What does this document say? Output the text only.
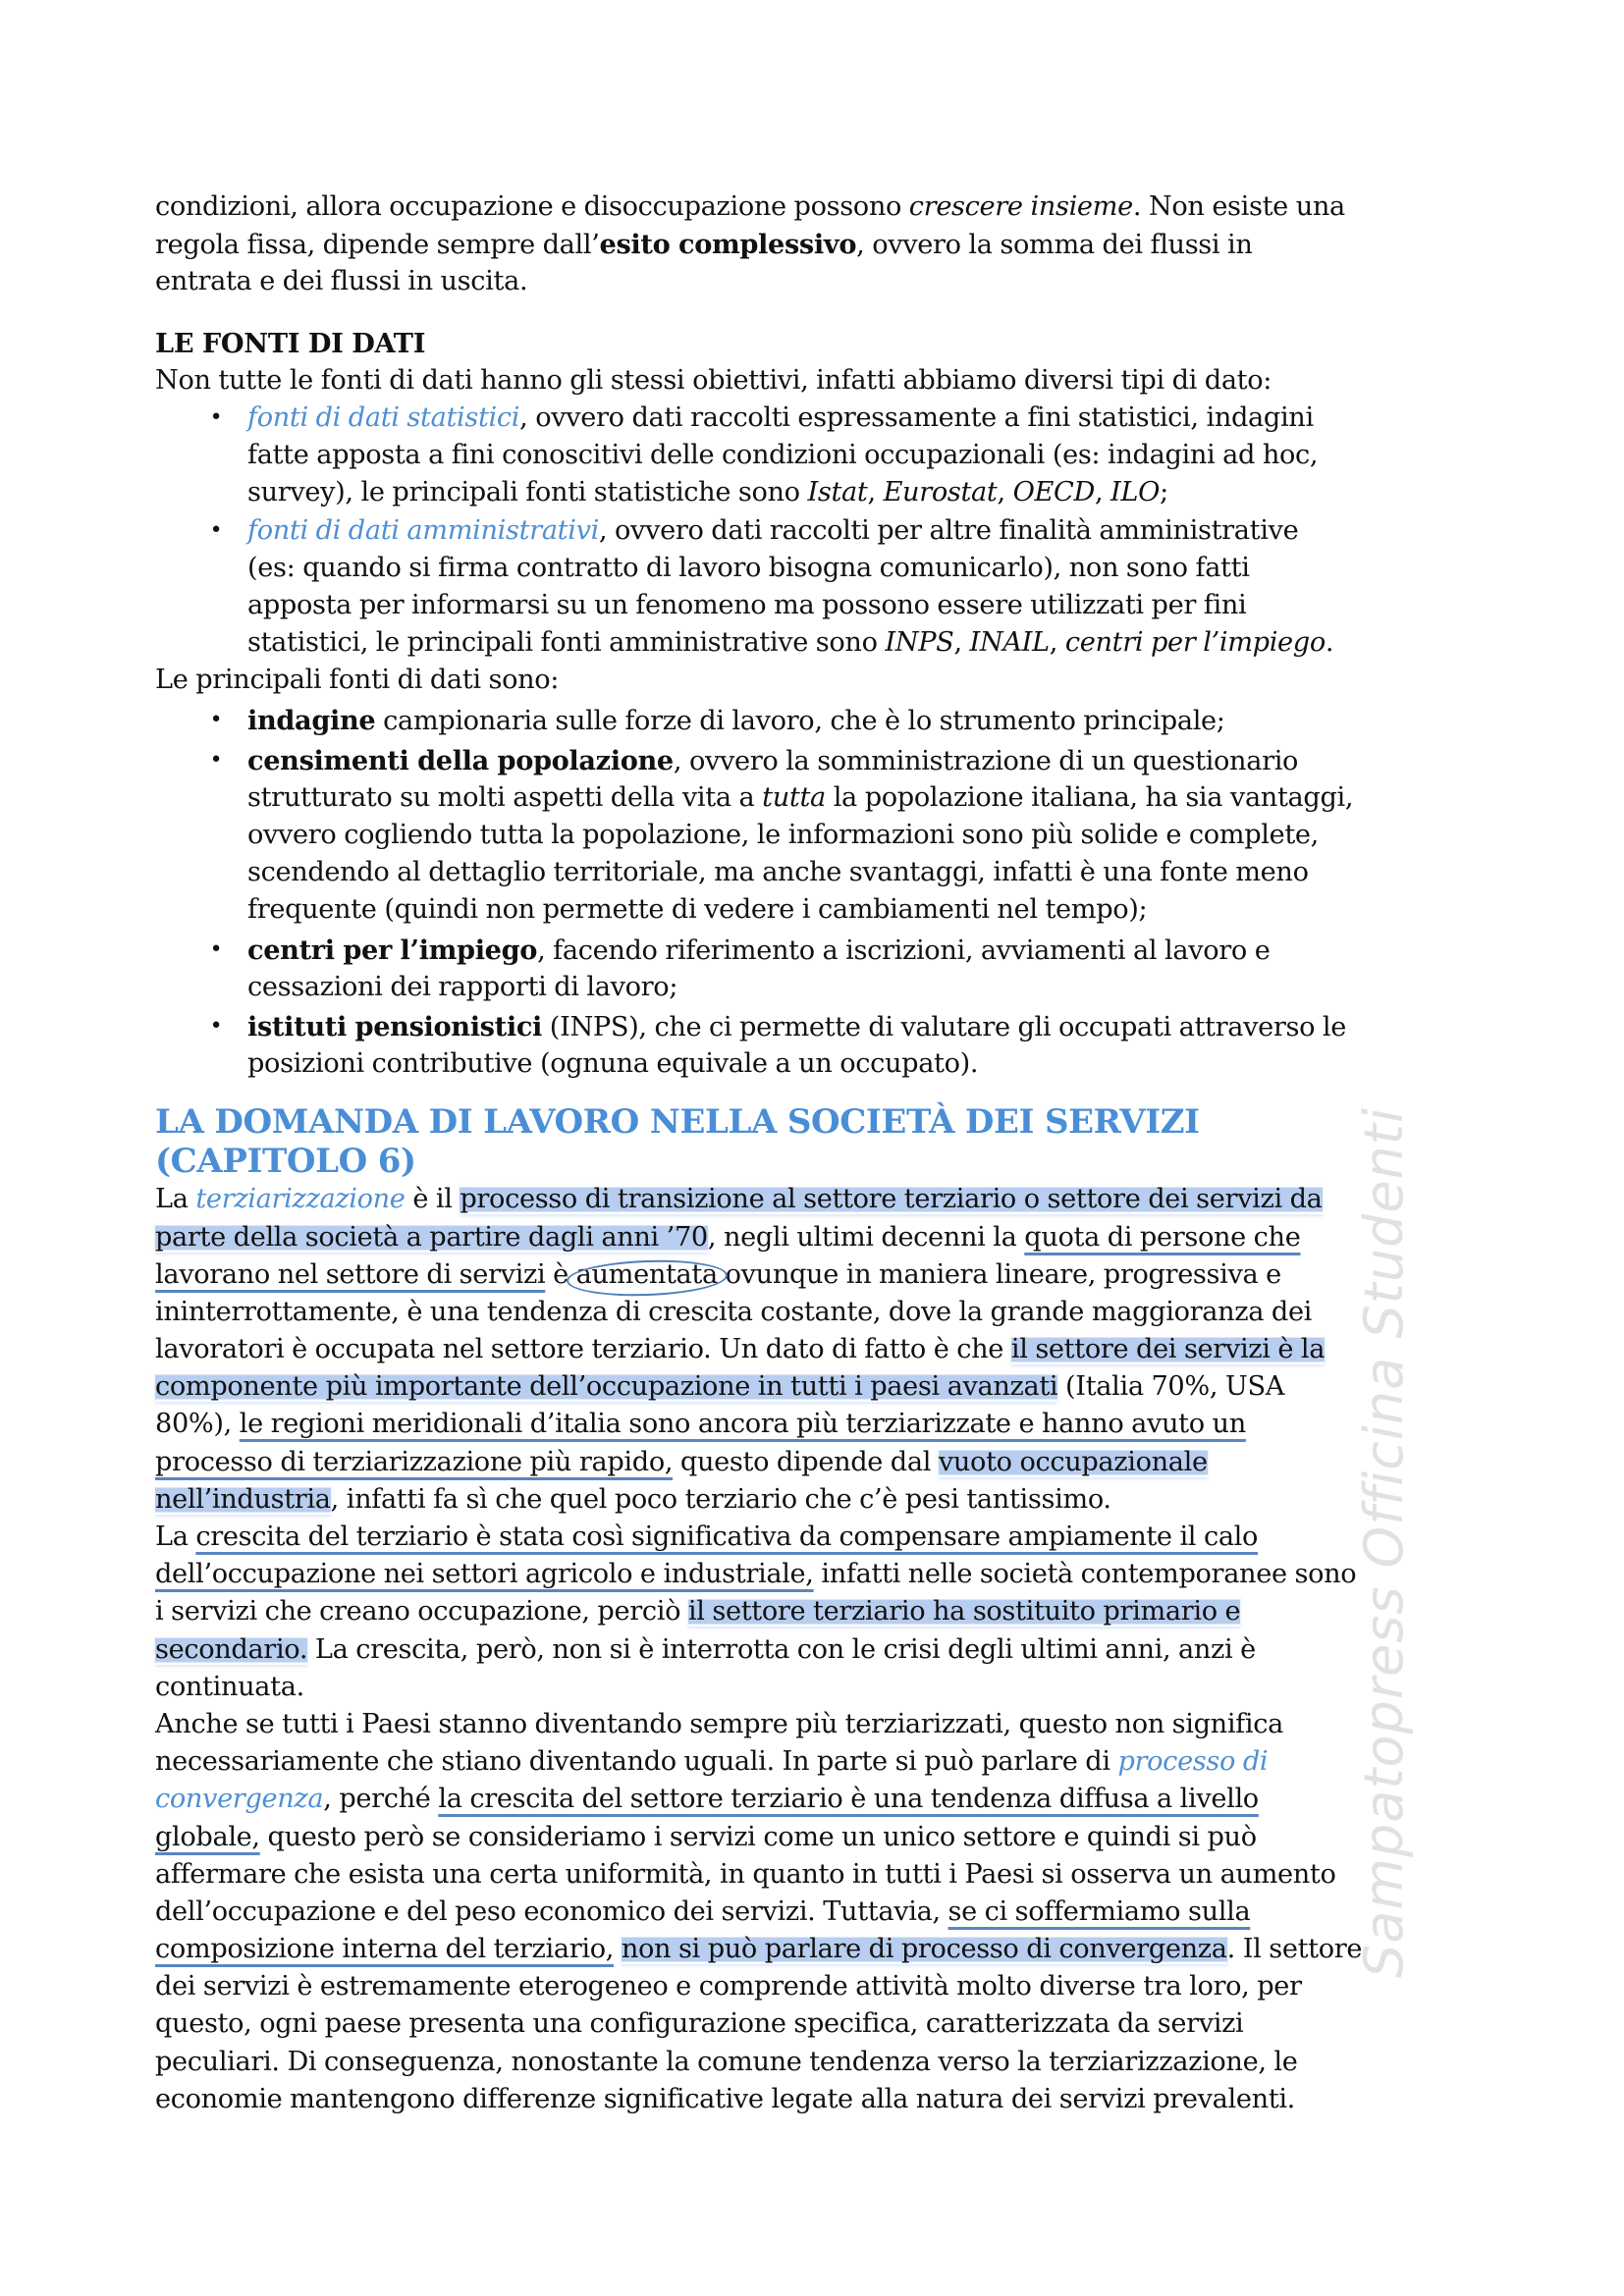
condizioni, allora occupazione e disoccupazione possono crescere insieme. Non esiste una
regola fissa, dipende sempre dall’esito complessivo, ovvero la somma dei flussi in
entrata e dei flussi in uscita.
LE FONTI DI DATI
Non tutte le fonti di dati hanno gli stessi obiettivi, infatti abbiamo diversi tipi di dato:
• fonti di dati statistici, ovvero dati raccolti espressamente a fini statistici, indagini
fatte apposta a fini conoscitivi delle condizioni occupazionali (es: indagini ad hoc,
survey), le principali fonti statistiche sono Istat, Eurostat, OECD, ILO;
• fonti di dati amministrativi, ovvero dati raccolti per altre finalità amministrative
(es: quando si firma contratto di lavoro bisogna comunicarlo), non sono fatti
apposta per informarsi su un fenomeno ma possono essere utilizzati per fini
statistici, le principali fonti amministrative sono INPS, INAIL, centri per l’impiego.
Le principali fonti di dati sono:
• indagine campionaria sulle forze di lavoro, che è lo strumento principale;
• censimenti della popolazione, ovvero la somministrazione di un questionario
strutturato su molti aspetti della vita a tutta la popolazione italiana, ha sia vantaggi,
ovvero cogliendo tutta la popolazione, le informazioni sono più solide e complete,
scendendo al dettaglio territoriale, ma anche svantaggi, infatti è una fonte meno
frequente (quindi non permette di vedere i cambiamenti nel tempo);
• centri per l’impiego, facendo riferimento a iscrizioni, avviamenti al lavoro e
cessazioni dei rapporti di lavoro;
• istituti pensionistici (INPS), che ci permette di valutare gli occupati attraverso le
posizioni contributive (ognuna equivale a un occupato).
LA DOMANDA DI LAVORO NELLA SOCIETÀ DEI SERVIZI
(CAPITOLO 6)
La terziarizzazione è il processo di transizione al settore terziario o settore dei servizi da
parte della società a partire dagli anni ’70, negli ultimi decenni la quota di persone che
lavorano nel settore di servizi è aumentata ovunque in maniera lineare, progressiva e
ininterrottamente, è una tendenza di crescita costante, dove la grande maggioranza dei
lavoratori è occupata nel settore terziario. Un dato di fatto è che il settore dei servizi è la
componente più importante dell’occupazione in tutti i paesi avanzati (Italia 70%, USA
80%), le regioni meridionali d’italia sono ancora più terziarizzate e hanno avuto un
processo di terziarizzazione più rapido, questo dipende dal vuoto occupazionale
nell’industria, infatti fa sì che quel poco terziario che c’è pesi tantissimo.
La crescita del terziario è stata così significativa da compensare ampiamente il calo
dell’occupazione nei settori agricolo e industriale, infatti nelle società contemporanee sono
i servizi che creano occupazione, perciò il settore terziario ha sostituito primario e
secondario. La crescita, però, non si è interrotta con le crisi degli ultimi anni, anzi è
continuata.
Anche se tutti i Paesi stanno diventando sempre più terziarizzati, questo non significa
necessariamente che stiano diventando uguali. In parte si può parlare di processo di
convergenza, perché la crescita del settore terziario è una tendenza diffusa a livello
globale, questo però se consideriamo i servizi come un unico settore e quindi si può
affermare che esista una certa uniformità, in quanto in tutti i Paesi si osserva un aumento
dell’occupazione e del peso economico dei servizi. Tuttavia, se ci soffermiamo sulla
composizione interna del terziario, non si può parlare di processo di convergenza. Il settore
dei servizi è estremamente eterogeneo e comprende attività molto diverse tra loro, per
questo, ogni paese presenta una configurazione specifica, caratterizzata da servizi
peculiari. Di conseguenza, nonostante la comune tendenza verso la terziarizzazione, le
economie mantengono differenze significative legate alla natura dei servizi prevalenti.
Sampatopress Officina Studenti
